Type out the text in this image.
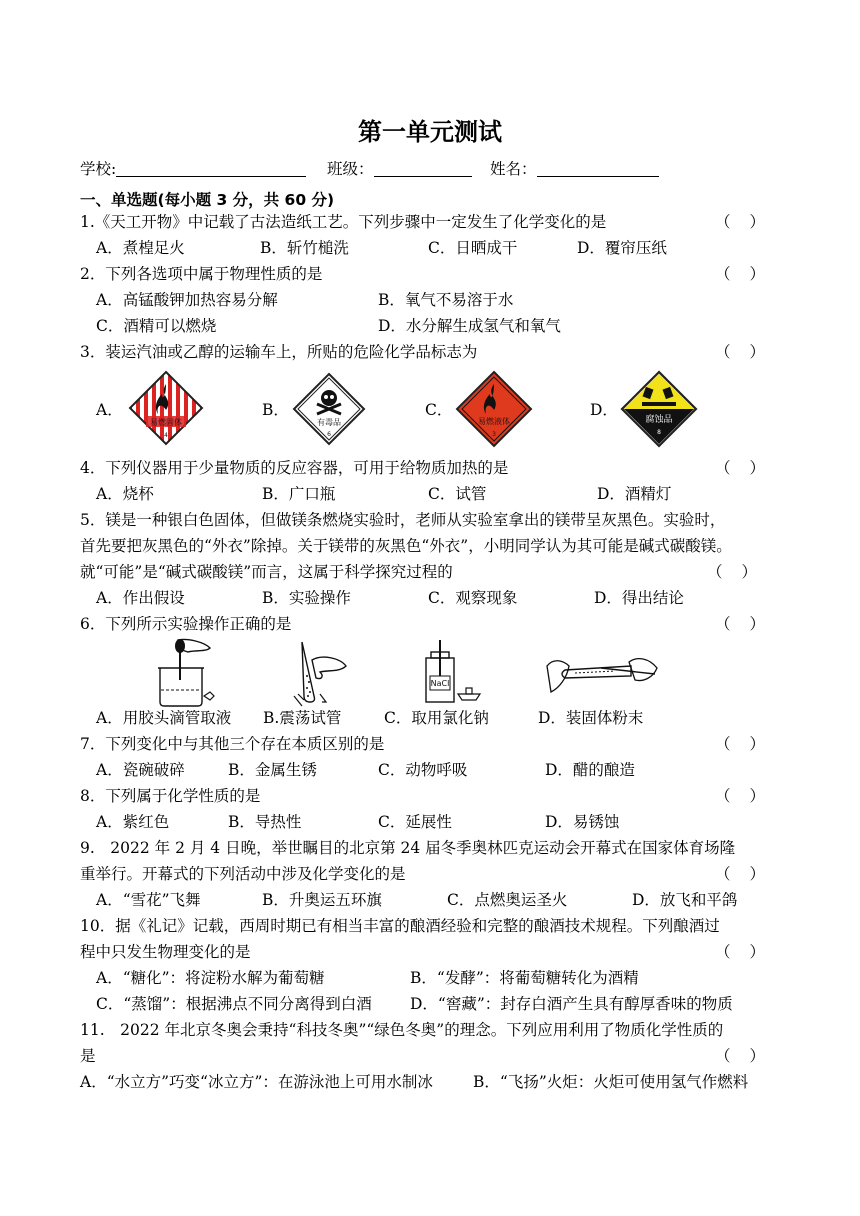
第一单元测试
学校:	班级：	姓名：
一、单选题(每小题 3 分，共 60 分)
1.《天工开物》中记载了古法造纸工艺。下列步骤中一定发生了化学变化的是	（ ）
A．煮楻足火	B．斩竹槌洗	C．日晒成干	D．覆帘压纸
2．下列各选项中属于物理性质的是	（ ）
A．高锰酸钾加热容易分解	B．氧气不易溶于水
C．酒精可以燃烧	D．水分解生成氢气和氧气
3．装运汽油或乙醇的运输车上，所贴的危险化学品标志为	（ ）
A．
易燃固体
4
B．
有毒品
6
C．
易燃液体
3
D．
腐蚀品
8
4．下列仪器用于少量物质的反应容器，可用于给物质加热的是	（ ）
A．烧杯	B．广口瓶	C．试管	D．酒精灯
5．镁是一种银白色固体，但做镁条燃烧实验时，老师从实验室拿出的镁带呈灰黑色。实验时，
首先要把灰黑色的“外衣”除掉。关于镁带的灰黑色“外衣”，小明同学认为其可能是碱式碳酸镁。
就“可能”是“碱式碳酸镁”而言，这属于科学探究过程的	（ ）
A．作出假设	B．实验操作	C．观察现象	D．得出结论
6．下列所示实验操作正确的是	（ ）
NaCl
A．用胶头滴管取液 B.震荡试管	C．取用氯化钠	D．装固体粉末
7．下列变化中与其他三个存在本质区别的是	（ ）
A．瓷碗破碎	B．金属生锈	C．动物呼吸	D．醋的酿造
8．下列属于化学性质的是	（ ）
A．紫红色	B．导热性	C．延展性	D．易锈蚀
9.　2022 年 2 月 4 日晚，举世瞩目的北京第 24 届冬季奥林匹克运动会开幕式在国家体育场隆
重举行。开幕式的下列活动中涉及化学变化的是	（ ）
A．“雪花”飞舞	B．升奥运五环旗	C．点燃奥运圣火	D．放飞和平鸽
10．据《礼记》记载，西周时期已有相当丰富的酿酒经验和完整的酿酒技术规程。下列酿酒过
程中只发生物理变化的是	（ ）
A．“糖化”：将淀粉水解为葡萄糖	B．“发酵”：将葡萄糖转化为酒精
C．“蒸馏”：根据沸点不同分离得到白酒 D．“窖藏”：封存白酒产生具有醇厚香味的物质
11.　2022 年北京冬奥会秉持“科技冬奥”“绿色冬奥”的理念。下列应用利用了物质化学性质的
是	（ ）
A．“水立方”巧变“冰立方”：在游泳池上可用水制冰	B．“飞扬”火炬：火炬可使用氢气作燃料
